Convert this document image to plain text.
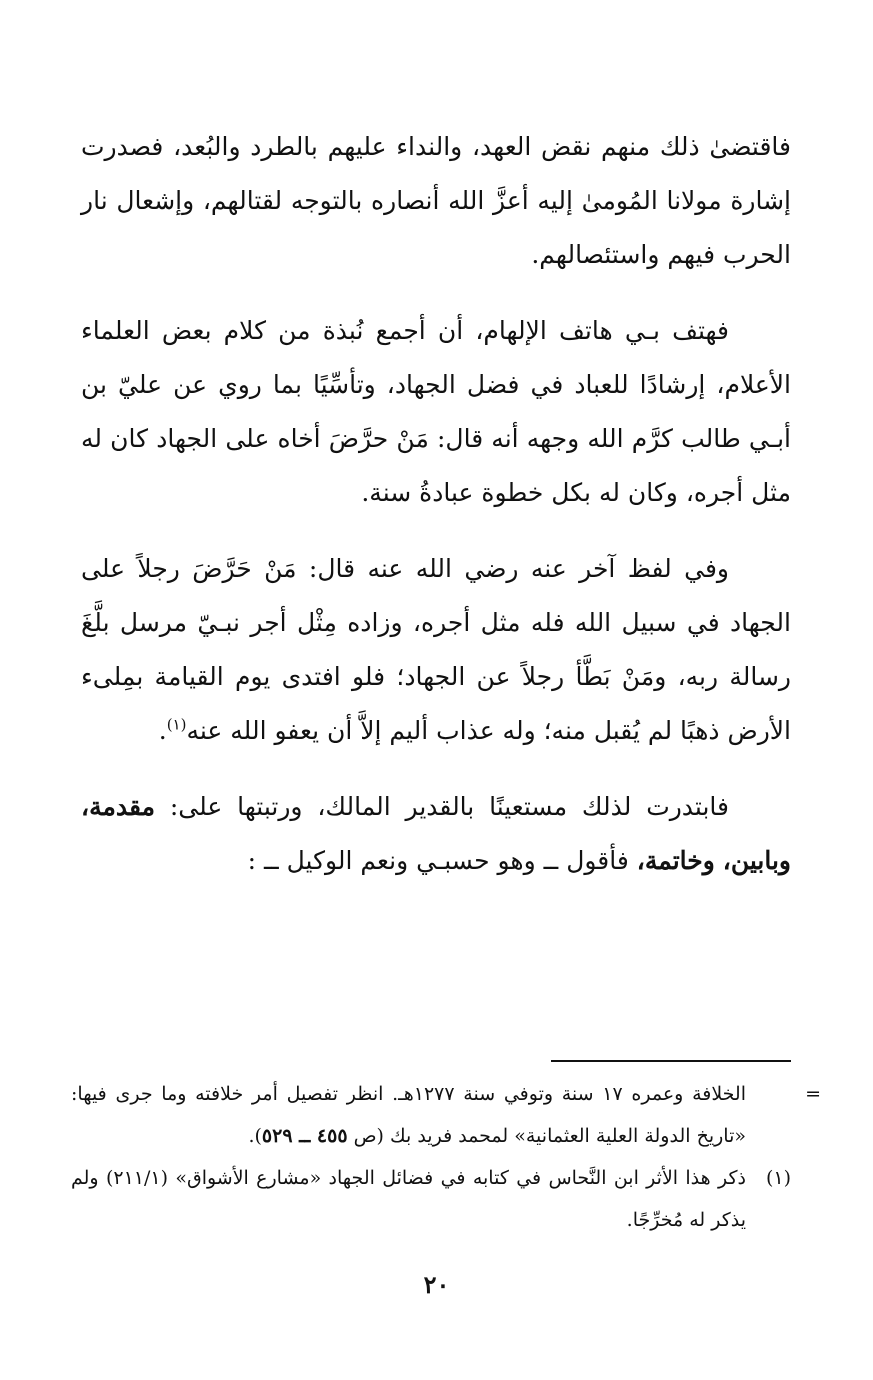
فاقتضىٰ ذلك منهم نقض العهد، والنداء عليهم بالطرد والبُعد، فصدرت إشارة مولانا المُومىٰ إليه أعزَّ الله أنصاره بالتوجه لقتالهم، وإشعال نار الحرب فيهم واستئصالهم.

فهتف بـي هاتف الإلهام، أن أجمع نُبذة من كلام بعض العلماء الأعلام، إرشادًا للعباد في فضل الجهاد، وتأسِّيًا بما روي عن عليّ بن أبـي طالب كرَّم الله وجهه أنه قال: مَنْ حرَّضَ أخاه على الجهاد كان له مثل أجره، وكان له بكل خطوة عبادةُ سنة.

وفي لفظ آخر عنه رضي الله عنه قال: مَنْ حَرَّضَ رجلاً على الجهاد في سبيل الله فله مثل أجره، وزاده مِثْل أجر نبـيّ مرسل بلَّغَ رسالة ربه، ومَنْ بَطَّأ رجلاً عن الجهاد؛ فلو افتدى يوم القيامة بمِلىء الأرض ذهبًا لم يُقبل منه؛ وله عذاب أليم إلاَّ أن يعفو الله عنه$^{(١)}$.

فابتدرت لذلك مستعينًا بالقدير المالك، ورتبتها على: مقدمة، وبابين، وخاتمة، فأقول ــ وهو حسبـي ونعم الوكيل ــ :

=
الخلافة وعمره ١٧ سنة وتوفي سنة ١٢٧٧هـ. انظر تفصيل أمر خلافته وما جرى فيها: «تاريخ الدولة العلية العثمانية» لمحمد فريد بك (ص ٤٥٥ ــ ٥٢٩).

(١)
ذكر هذا الأثر ابن النَّحاس في كتابه في فضائل الجهاد «مشارع الأشواق» (٢١١/١) ولم يذكر له مُخرِّجًا.

٢٠
